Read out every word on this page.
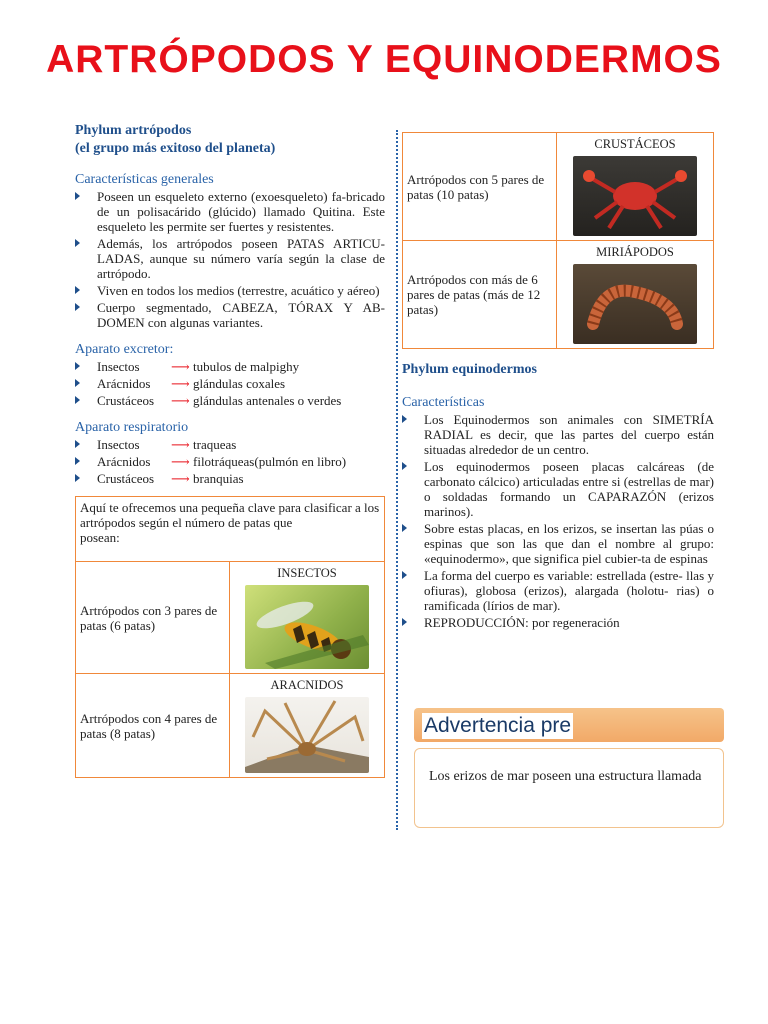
ARTRÓPODOS Y EQUINODERMOS
Phylum artrópodos
(el grupo más exitoso del planeta)
Características generales
Poseen un esqueleto externo (exoesqueleto) fa-bricado de un polisacárido (glúcido) llamado Quitina. Este esqueleto les permite ser fuertes y resistentes.
Además, los artrópodos poseen PATAS ARTICU- LADAS, aunque su número varía según la clase de artrópodo.
Viven en todos los medios (terrestre, acuático y aéreo)
Cuerpo segmentado, CABEZA, TÓRAX Y AB-DOMEN con algunas variantes.
Aparato excretor:
Insectos	⟶ tubulos de malpighy
Arácnidos	⟶ glándulas coxales
Crustáceos	⟶ glándulas antenales o verdes
Aparato respiratorio
Insectos	⟶ traqueas
Arácnidos	⟶ filotráqueas(pulmón en libro)
Crustáceos	⟶ branquias
Aquí te ofrecemos una pequeña clave para clasificar a los artrópodos según el número de patas que
posean:	

Artrópodos con 3 pares de patas (6 patas)	INSECTOS

Artrópodos con 4 pares de patas (8 patas)	ARACNIDOS
Artrópodos con 5 pares de patas (10 patas)	CRUSTÁCEOS

Artrópodos con más de 6 pares de patas (más de 12 patas)	MIRIÁPODOS
Phylum equinodermos
Características
Los Equinodermos son animales con SIMETRÍA RADIAL es decir, que las partes del cuerpo están situadas alrededor de un centro.
Los equinodermos poseen placas calcáreas (de carbonato cálcico) articuladas entre si (estrellas de mar) o soldadas formando un CAPARAZÓN (erizos marinos).
Sobre estas placas, en los erizos, se insertan las púas o espinas que son las que dan el nombre al grupo: «equinodermo», que significa piel cubier-ta de espinas
La forma del cuerpo es variable: estrellada (estre- llas y ofiuras), globosa (erizos), alargada (holotu- rias) o ramificada (lírios de mar).
REPRODUCCIÓN: por regeneración
Advertencia pre
Los erizos de mar poseen una estructura llamada
